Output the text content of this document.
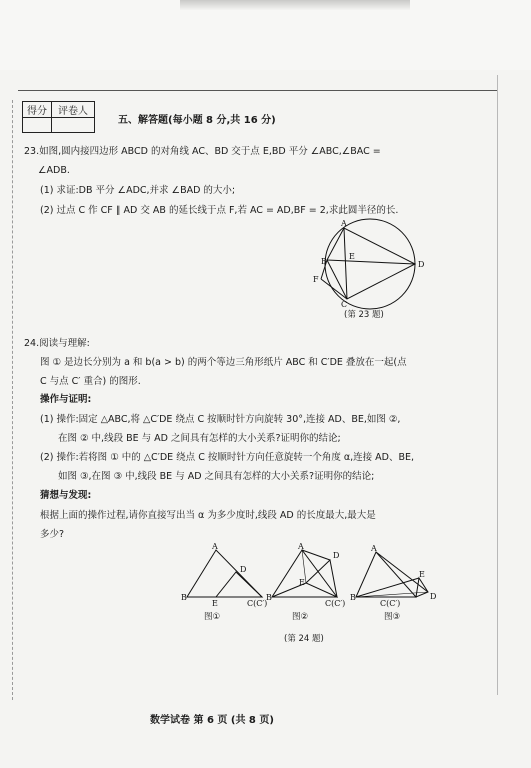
得分	评卷人

五、解答题(每小题 8 分,共 16 分)
23.如图,圆内接四边形 ABCD 的对角线 AC、BD 交于点 E,BD 平分 ∠ABC,∠BAC =
∠ADB.
(1) 求证:DB 平分 ∠ADC,并求 ∠BAD 的大小;
(2) 过点 C 作 CF ∥ AD 交 AB 的延长线于点 F,若 AC = AD,BF = 2,求此圆半径的长.
A
B
C
D
E
F
(第 23 题)
24.阅读与理解:
图 ① 是边长分别为 a 和 b(a > b) 的两个等边三角形纸片 ABC 和 C′DE 叠放在一起(点
C 与点 C′ 重合) 的图形.
操作与证明:
(1) 操作:固定 △ABC,将 △C′DE 绕点 C 按顺时针方向旋转 30°,连接 AD、BE,如图 ②,
在图 ② 中,线段 BE 与 AD 之间具有怎样的大小关系?证明你的结论;
(2) 操作:若将图 ① 中的 △C′DE 绕点 C 按顺时针方向任意旋转一个角度 α,连接 AD、BE,
如图 ③,在图 ③ 中,线段 BE 与 AD 之间具有怎样的大小关系?证明你的结论;
猜想与发现:
根据上面的操作过程,请你直接写出当 α 为多少度时,线段 AD 的长度最大,最大是
多少?
A
B
E
D
C(C′)
A
B
E
D
C(C′)
A
B
E
D
C(C′)
图①	图②	图③
(第 24 题)
数学试卷 第 6 页 (共 8 页)
